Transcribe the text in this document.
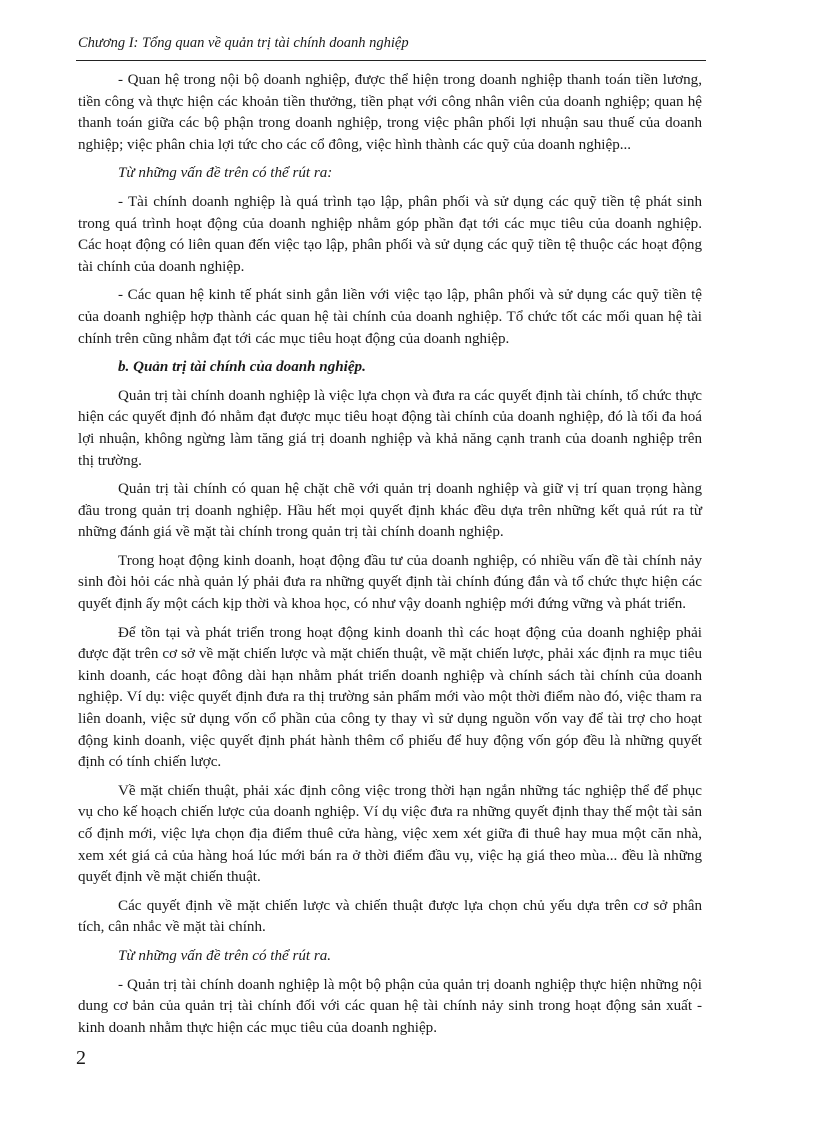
Chương I: Tổng quan về quản trị tài chính doanh nghiệp

- Quan hệ trong nội bộ doanh nghiệp, được thể hiện trong doanh nghiệp thanh toán tiền lương, tiền công và thực hiện các khoản tiền thưởng, tiền phạt với công nhân viên của doanh nghiệp; quan hệ thanh toán giữa các bộ phận trong doanh nghiệp, trong việc phân phối lợi nhuận sau thuế của doanh nghiệp; việc phân chia lợi tức cho các cổ đông, việc hình thành các quỹ của doanh nghiệp...

Từ những vấn đề trên có thể rút ra:

- Tài chính doanh nghiệp là quá trình tạo lập, phân phối và sử dụng các quỹ tiền tệ phát sinh trong quá trình hoạt động của doanh nghiệp nhằm góp phần đạt tới các mục tiêu của doanh nghiệp. Các hoạt động có liên quan đến việc tạo lập, phân phối và sử dụng các quỹ tiền tệ thuộc các hoạt động tài chính của doanh nghiệp.

- Các quan hệ kinh tế phát sinh gắn liền với việc tạo lập, phân phối và sử dụng các quỹ tiền tệ của doanh nghiệp hợp thành các quan hệ tài chính của doanh nghiệp. Tổ chức tốt các mối quan hệ tài chính trên cũng nhằm đạt tới các mục tiêu hoạt động của doanh nghiệp.

b. Quản trị tài chính của doanh nghiệp.

Quản trị tài chính doanh nghiệp là việc lựa chọn và đưa ra các quyết định tài chính, tổ chức thực hiện các quyết định đó nhằm đạt được mục tiêu hoạt động tài chính của doanh nghiệp, đó là tối đa hoá lợi nhuận, không ngừng làm tăng giá trị doanh nghiệp và khả năng cạnh tranh của doanh nghiệp trên thị trường.

Quản trị tài chính có quan hệ chặt chẽ với quản trị doanh nghiệp và giữ vị trí quan trọng hàng đầu trong quản trị doanh nghiệp. Hầu hết mọi quyết định khác đều dựa trên những kết quả rút ra từ những đánh giá về mặt tài chính trong quản trị tài chính doanh nghiệp.

Trong hoạt động kinh doanh, hoạt động đầu tư của doanh nghiệp, có nhiều vấn đề tài chính nảy sinh đòi hỏi các nhà quản lý phải đưa ra những quyết định tài chính đúng đắn và tổ chức thực hiện các quyết định ấy một cách kịp thời và khoa học, có như vậy doanh nghiệp mới đứng vững và phát triển.

Để tồn tại và phát triển trong hoạt động kinh doanh thì các hoạt động của doanh nghiệp phải được đặt trên cơ sở về mặt chiến lược và mặt chiến thuật, về mặt chiến lược, phải xác định ra mục tiêu kinh doanh, các hoạt đông dài hạn nhằm phát triển doanh nghiệp và chính sách tài chính của doanh nghiệp. Ví dụ: việc quyết định đưa ra thị trường sản phẩm mới vào một thời điểm nào đó, việc tham ra liên doanh, việc sử dụng vốn cổ phần của công ty thay vì sử dụng nguồn vốn vay để tài trợ cho hoạt động kinh doanh, việc quyết định phát hành thêm cổ phiếu để huy động vốn góp đều là những quyết định có tính chiến lược.

Về mặt chiến thuật, phải xác định công việc trong thời hạn ngắn những tác nghiệp thể để phục vụ cho kế hoạch chiến lược của doanh nghiệp. Ví dụ việc đưa ra những quyết định thay thế một tài sản cố định mới, việc lựa chọn địa điểm thuê cửa hàng, việc xem xét giữa đi thuê hay mua một căn nhà, xem xét giá cả của hàng hoá lúc mới bán ra ở thời điểm đầu vụ, việc hạ giá theo mùa... đều là những quyết định về mặt chiến thuật.

Các quyết định về mặt chiến lược và chiến thuật được lựa chọn chủ yếu dựa trên cơ sở phân tích, cân nhắc về mặt tài chính.

Từ những vấn đề trên có thể rút ra.

- Quản trị tài chính doanh nghiệp là một bộ phận của quản trị doanh nghiệp thực hiện những nội dung cơ bản của quản trị tài chính đối với các quan hệ tài chính nảy sinh trong hoạt động sản xuất - kinh doanh nhằm thực hiện các mục tiêu của doanh nghiệp.

2
